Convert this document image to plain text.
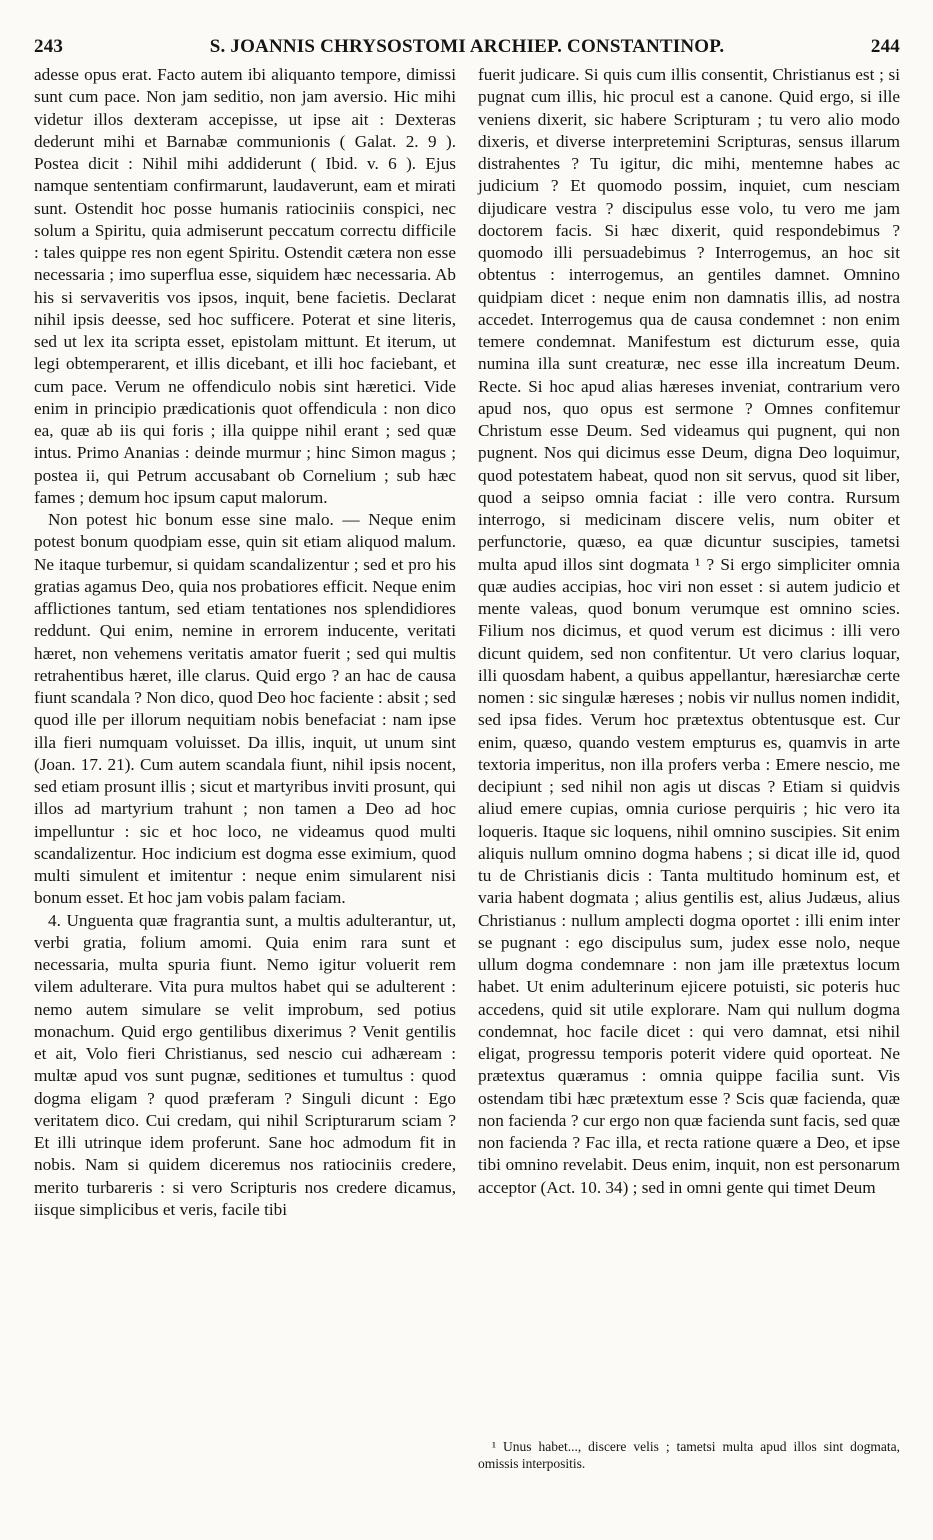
243	S. JOANNIS CHRYSOSTOMI ARCHIEP. CONSTANTINOP.	244

adesse opus erat. Facto autem ibi aliquanto tempore, dimissi sunt cum pace. Non jam seditio, non jam aversio. Hic mihi videtur illos dexteram accepisse, ut ipse ait : Dexteras dederunt mihi et Barnabæ communionis ( Galat. 2. 9 ). Postea dicit : Nihil mihi addiderunt ( Ibid. v. 6 ). Ejus namque sententiam confirmarunt, laudaverunt, eam et mirati sunt. Ostendit hoc posse humanis ratiociniis conspici, nec solum a Spiritu, quia admiserunt peccatum correctu difficile : tales quippe res non egent Spiritu. Ostendit cætera non esse necessaria ; imo superflua esse, siquidem hæc necessaria. Ab his si servaveritis vos ipsos, inquit, bene facietis. Declarat nihil ipsis deesse, sed hoc sufficere. Poterat et sine literis, sed ut lex ita scripta esset, epistolam mittunt. Et iterum, ut legi obtemperarent, et illis dicebant, et illi hoc faciebant, et cum pace. Verum ne offendiculo nobis sint hæretici. Vide enim in principio prædicationis quot offendicula : non dico ea, quæ ab iis qui foris ; illa quippe nihil erant ; sed quæ intus. Primo Ananias : deinde murmur ; hinc Simon magus ; postea ii, qui Petrum accusabant ob Cornelium ; sub hæc fames ; demum hoc ipsum caput malorum.

Non potest hic bonum esse sine malo. — Neque enim potest bonum quodpiam esse, quin sit etiam aliquod malum. Ne itaque turbemur, si quidam scandalizentur ; sed et pro his gratias agamus Deo, quia nos probatiores efficit. Neque enim afflictiones tantum, sed etiam tentationes nos splendidiores reddunt. Qui enim, nemine in errorem inducente, veritati hæret, non vehemens veritatis amator fuerit ; sed qui multis retrahentibus hæret, ille clarus. Quid ergo ? an hac de causa fiunt scandala ? Non dico, quod Deo hoc faciente : absit ; sed quod ille per illorum nequitiam nobis benefaciat : nam ipse illa fieri numquam voluisset. Da illis, inquit, ut unum sint (Joan. 17. 21). Cum autem scandala fiunt, nihil ipsis nocent, sed etiam prosunt illis ; sicut et martyribus inviti prosunt, qui illos ad martyrium trahunt ; non tamen a Deo ad hoc impelluntur : sic et hoc loco, ne videamus quod multi scandalizentur. Hoc indicium est dogma esse eximium, quod multi simulent et imitentur : neque enim simularent nisi bonum esset. Et hoc jam vobis palam faciam.

4. Unguenta quæ fragrantia sunt, a multis adulterantur, ut, verbi gratia, folium amomi. Quia enim rara sunt et necessaria, multa spuria fiunt. Nemo igitur voluerit rem vilem adulterare. Vita pura multos habet qui se adulterent : nemo autem simulare se velit improbum, sed potius monachum. Quid ergo gentilibus dixerimus ? Venit gentilis et ait, Volo fieri Christianus, sed nescio cui adhæream : multæ apud vos sunt pugnæ, seditiones et tumultus : quod dogma eligam ? quod præferam ? Singuli dicunt : Ego veritatem dico. Cui credam, qui nihil Scripturarum sciam ? Et illi utrinque idem proferunt. Sane hoc admodum fit in nobis. Nam si quidem diceremus nos ratiociniis credere, merito turbareris : si vero Scripturis nos credere dicamus, iisque simplicibus et veris, facile tibi

fuerit judicare. Si quis cum illis consentit, Christianus est ; si pugnat cum illis, hic procul est a canone. Quid ergo, si ille veniens dixerit, sic habere Scripturam ; tu vero alio modo dixeris, et diverse interpretemini Scripturas, sensus illarum distrahentes ? Tu igitur, dic mihi, mentemne habes ac judicium ? Et quomodo possim, inquiet, cum nesciam dijudicare vestra ? discipulus esse volo, tu vero me jam doctorem facis. Si hæc dixerit, quid respondebimus ? quomodo illi persuadebimus ? Interrogemus, an hoc sit obtentus : interrogemus, an gentiles damnet. Omnino quidpiam dicet : neque enim non damnatis illis, ad nostra accedet. Interrogemus qua de causa condemnet : non enim temere condemnat. Manifestum est dicturum esse, quia numina illa sunt creaturæ, nec esse illa increatum Deum. Recte. Si hoc apud alias hæreses inveniat, contrarium vero apud nos, quo opus est sermone ? Omnes confitemur Christum esse Deum. Sed videamus qui pugnent, qui non pugnent. Nos qui dicimus esse Deum, digna Deo loquimur, quod potestatem habeat, quod non sit servus, quod sit liber, quod a seipso omnia faciat : ille vero contra. Rursum interrogo, si medicinam discere velis, num obiter et perfunctorie, quæso, ea quæ dicuntur suscipies, tametsi multa apud illos sint dogmata ¹ ? Si ergo simpliciter omnia quæ audies accipias, hoc viri non esset : si autem judicio et mente valeas, quod bonum verumque est omnino scies. Filium nos dicimus, et quod verum est dicimus : illi vero dicunt quidem, sed non confitentur. Ut vero clarius loquar, illi quosdam habent, a quibus appellantur, hæresiarchæ certe nomen : sic singulæ hæreses ; nobis vir nullus nomen indidit, sed ipsa fides. Verum hoc prætextus obtentusque est. Cur enim, quæso, quando vestem empturus es, quamvis in arte textoria imperitus, non illa profers verba : Emere nescio, me decipiunt ; sed nihil non agis ut discas ? Etiam si quidvis aliud emere cupias, omnia curiose perquiris ; hic vero ita loqueris. Itaque sic loquens, nihil omnino suscipies. Sit enim aliquis nullum omnino dogma habens ; si dicat ille id, quod tu de Christianis dicis : Tanta multitudo hominum est, et varia habent dogmata ; alius gentilis est, alius Judæus, alius Christianus : nullum amplecti dogma oportet : illi enim inter se pugnant : ego discipulus sum, judex esse nolo, neque ullum dogma condemnare : non jam ille prætextus locum habet. Ut enim adulterinum ejicere potuisti, sic poteris huc accedens, quid sit utile explorare. Nam qui nullum dogma condemnat, hoc facile dicet : qui vero damnat, etsi nihil eligat, progressu temporis poterit videre quid oporteat. Ne prætextus quæramus : omnia quippe facilia sunt. Vis ostendam tibi hæc prætextum esse ? Scis quæ facienda, quæ non facienda ? cur ergo non quæ facienda sunt facis, sed quæ non facienda ? Fac illa, et recta ratione quære a Deo, et ipse tibi omnino revelabit. Deus enim, inquit, non est personarum acceptor (Act. 10. 34) ; sed in omni gente qui timet Deum

¹ Unus habet..., discere velis ; tametsi multa apud illos sint dogmata, omissis interpositis.
